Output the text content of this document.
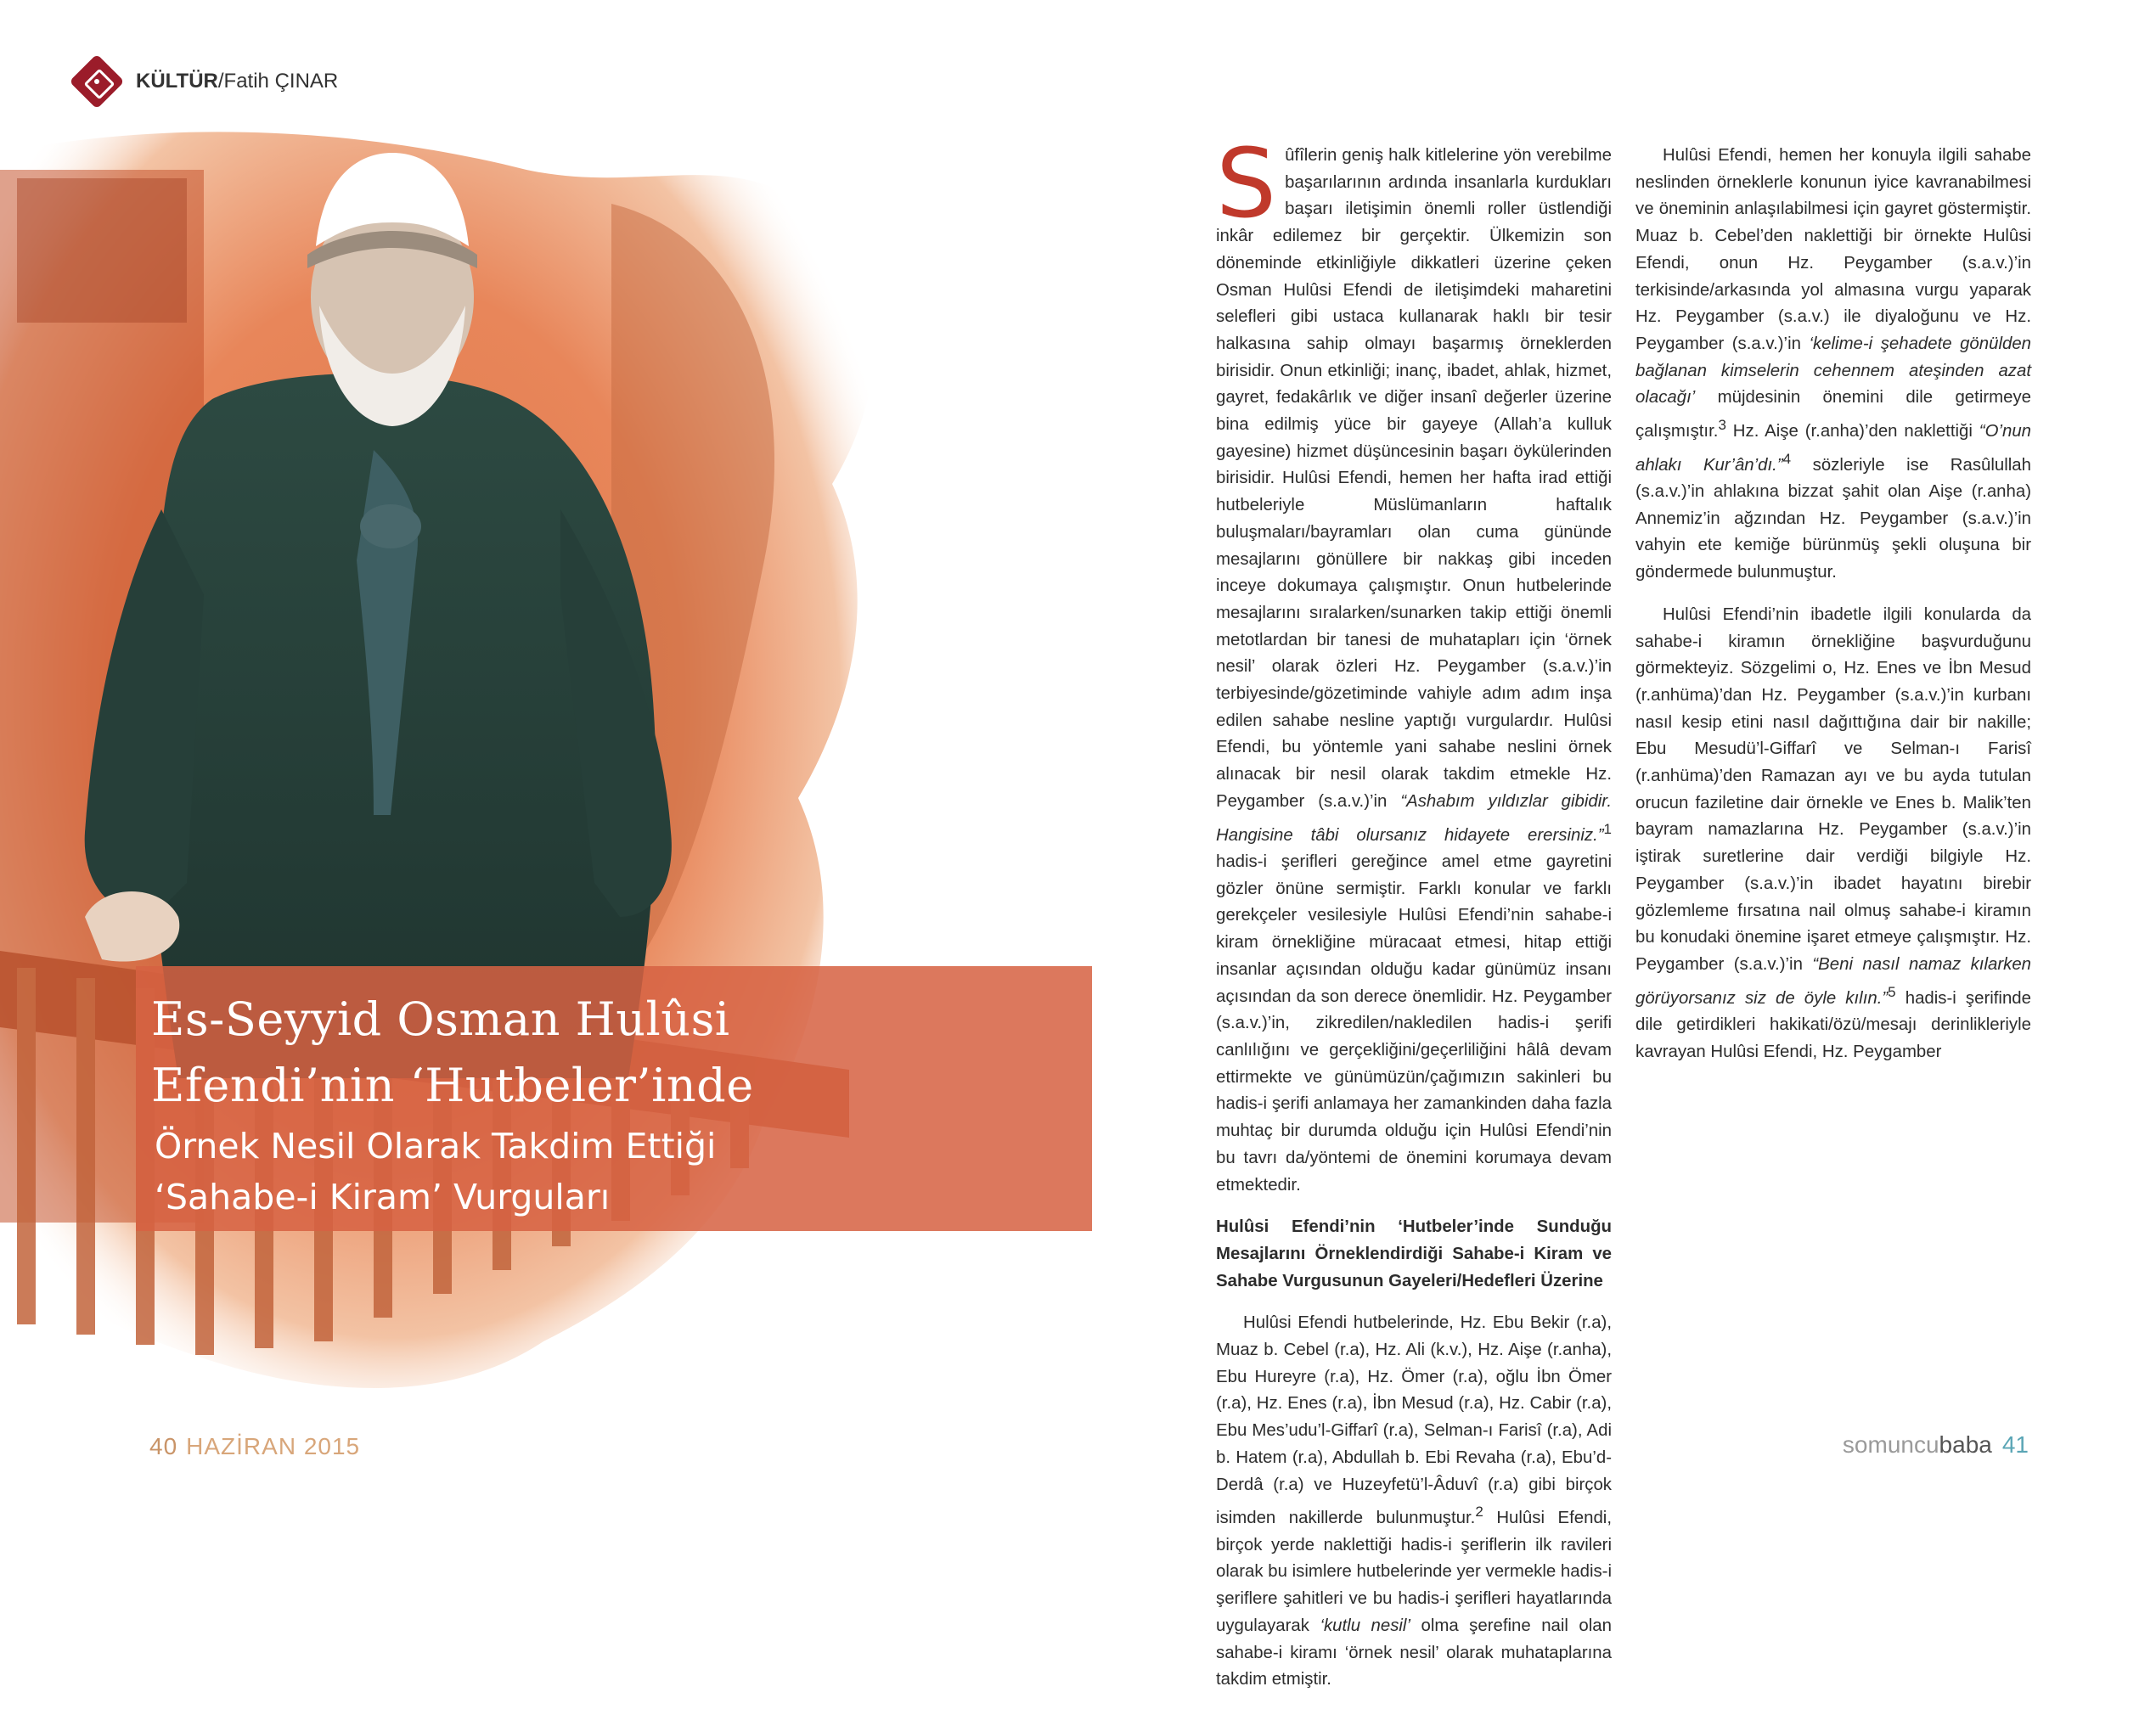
KÜLTÜR/Fatih ÇINAR
Es-Seyyid Osman Hulûsi
Efendi’nin ‘Hutbeler’inde
Örnek Nesil Olarak Takdim Ettiği
‘Sahabe-i Kiram’ Vurguları
40 HAZİRAN 2015

Sûfîlerin geniş halk kitlelerine yön verebilme başarılarının ardında insanlarla kurdukları başarı iletişimin önemli roller üstlendiği inkâr edilemez bir gerçektir. Ülkemizin son döneminde etkinliğiyle dikkatleri üzerine çeken Osman Hulûsi Efendi de iletişimdeki maharetini selefleri gibi ustaca kullanarak haklı bir tesir halkasına sahip olmayı başarmış örneklerden birisidir. Onun etkinliği; inanç, ibadet, ahlak, hizmet, gayret, fedakârlık ve diğer insanî değerler üzerine bina edilmiş yüce bir gayeye (Allah’a kulluk gayesine) hizmet düşüncesinin başarı öykülerinden birisidir. Hulûsi Efendi, hemen her hafta irad ettiği hutbeleriyle Müslümanların haftalık buluşmaları/bayramları olan cuma gününde mesajlarını gönüllere bir nakkaş gibi inceden inceye dokumaya çalışmıştır. Onun hutbelerinde mesajlarını sıralarken/sunarken takip ettiği önemli metotlardan bir tanesi de muhatapları için ‘örnek nesil’ olarak özleri Hz. Peygamber (s.a.v.)’in terbiyesinde/gözetiminde vahiyle adım adım inşa edilen sahabe nesline yaptığı vurgulardır. Hulûsi Efendi, bu yöntemle yani sahabe neslini örnek alınacak bir nesil olarak takdim etmekle Hz. Peygamber (s.a.v.)’in “Ashabım yıldızlar gibidir. Hangisine tâbi olursanız hidayete erersiniz.”$^1$ hadis-i şerifleri gereğince amel etme gayretini gözler önüne sermiştir. Farklı konular ve farklı gerekçeler vesilesiyle Hulûsi Efendi’nin sahabe-i kiram örnekliğine müracaat etmesi, hitap ettiği insanlar açısından olduğu kadar günümüz insanı açısından da son derece önemlidir. Hz. Peygamber (s.a.v.)’in, zikredilen/nakledilen hadis-i şerifi canlılığını ve gerçekliğini/geçerliliğini hâlâ devam ettirmekte ve günümüzün/çağımızın sakinleri bu hadis-i şerifi anlamaya her zamankinden daha fazla muhtaç bir durumda olduğu için Hulûsi Efendi’nin bu tavrı da/yöntemi de önemini korumaya devam etmektedir.

Hulûsi Efendi’nin ‘Hutbeler’inde Sunduğu Mesajlarını Örneklendirdiği Sahabe-i Kiram ve Sahabe Vurgusunun Gayeleri/Hedefleri Üzerine

Hulûsi Efendi hutbelerinde, Hz. Ebu Bekir (r.a), Muaz b. Cebel (r.a), Hz. Ali (k.v.), Hz. Aişe (r.anha), Ebu Hureyre (r.a), Hz. Ömer (r.a), oğlu İbn Ömer (r.a), Hz. Enes (r.a), İbn Mesud (r.a), Hz. Cabir (r.a), Ebu Mes’udu’l-Giffarî (r.a), Selman-ı Farisî (r.a), Adi b. Hatem (r.a), Abdullah b. Ebi Revaha (r.a), Ebu’d-Derdâ (r.a) ve Huzeyfetü’l-Âduvî (r.a) gibi birçok isimden nakillerde bulunmuştur.$^2$ Hulûsi Efendi, birçok yerde naklettiği hadis-i şeriflerin ilk ravileri olarak bu isimlere hutbelerinde yer vermekle hadis-i şeriflere şahitleri ve bu hadis-i şerifleri hayatlarında uygulayarak ‘kutlu nesil’ olma şerefine nail olan sahabe-i kiramı ‘örnek nesil’ olarak muhataplarına takdim etmiştir.

Hulûsi Efendi, hemen her konuyla ilgili sahabe neslinden örneklerle konunun iyice kavranabilmesi ve öneminin anlaşılabilmesi için gayret göstermiştir. Muaz b. Cebel’den naklettiği bir örnekte Hulûsi Efendi, onun Hz. Peygamber (s.a.v.)’in terkisinde/arkasında yol almasına vurgu yaparak Hz. Peygamber (s.a.v.) ile diyaloğunu ve Hz. Peygamber (s.a.v.)’in ‘kelime-i şehadete gönülden bağlanan kimselerin cehennem ateşinden azat olacağı’ müjdesinin önemini dile getirmeye çalışmıştır.$^3$ Hz. Aişe (r.anha)’den naklettiği “O’nun ahlakı Kur’ân’dı.”$^4$ sözleriyle ise Rasûlullah (s.a.v.)’in ahlakına bizzat şahit olan Aişe (r.anha) Annemiz’in ağzından Hz. Peygamber (s.a.v.)’in vahyin ete kemiğe bürünmüş şekli oluşuna bir göndermede bulunmuştur.

Hulûsi Efendi’nin ibadetle ilgili konularda da sahabe-i kiramın örnekliğine başvurduğunu görmekteyiz. Sözgelimi o, Hz. Enes ve İbn Mesud (r.anhüma)’dan Hz. Peygamber (s.a.v.)’in kurbanı nasıl kesip etini nasıl dağıttığına dair bir nakille; Ebu Mesudü’l-Giffarî ve Selman-ı Farisî (r.anhüma)’den Ramazan ayı ve bu ayda tutulan orucun faziletine dair örnekle ve Enes b. Malik’ten bayram namazlarına Hz. Peygamber (s.a.v.)’in iştirak suretlerine dair verdiği bilgiyle Hz. Peygamber (s.a.v.)’in ibadet hayatını birebir gözlemleme fırsatına nail olmuş sahabe-i kiramın bu konudaki önemine işaret etmeye çalışmıştır. Hz. Peygamber (s.a.v.)’in “Beni nasıl namaz kılarken görüyorsanız siz de öyle kılın.”$^5$ hadis-i şerifinde dile getirdikleri hakikati/özü/mesajı derinlikleriyle kavrayan Hulûsi Efendi, Hz. Peygamber

somuncubaba 41
